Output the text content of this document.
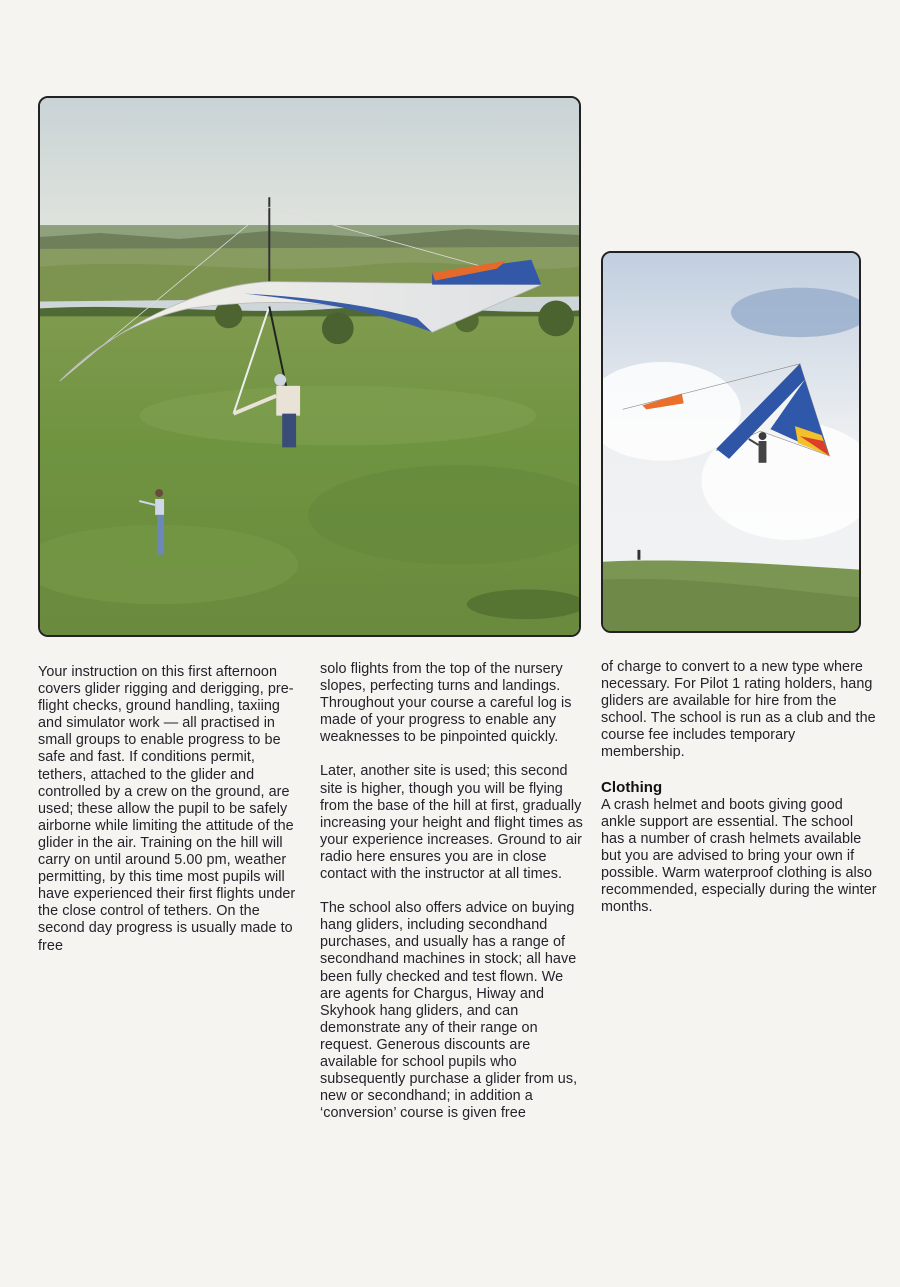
Your instruction on this first afternoon covers glider rigging and derigging, pre-flight checks, ground handling, taxiing and simulator work — all practised in small groups to enable progress to be safe and fast. If conditions permit, tethers, attached to the glider and controlled by a crew on the ground, are used; these allow the pupil to be safely airborne while limiting the attitude of the glider in the air. Training on the hill will carry on until around 5.00 pm, weather permitting, by this time most pupils will have experienced their first flights under the close control of tethers. On the second day progress is usually made to free

solo flights from the top of the nursery slopes, perfecting turns and landings. Throughout your course a careful log is made of your progress to enable any weaknesses to be pinpointed quickly.

Later, another site is used; this second site is higher, though you will be flying from the base of the hill at first, gradually increasing your height and flight times as your experience increases. Ground to air radio here ensures you are in close contact with the instructor at all times.

The school also offers advice on buying hang gliders, including secondhand purchases, and usually has a range of secondhand machines in stock; all have been fully checked and test flown. We are agents for Chargus, Hiway and Skyhook hang gliders, and can demonstrate any of their range on request. Generous discounts are available for school pupils who subsequently purchase a glider from us, new or secondhand; in addition a ‘conversion’ course is given free

of charge to convert to a new type where necessary. For Pilot 1 rating holders, hang gliders are available for hire from the school. The school is run as a club and the course fee includes temporary membership.

Clothing

A crash helmet and boots giving good ankle support are essential. The school has a number of crash helmets available but you are advised to bring your own if possible. Warm waterproof clothing is also recommended, especially during the winter months.
